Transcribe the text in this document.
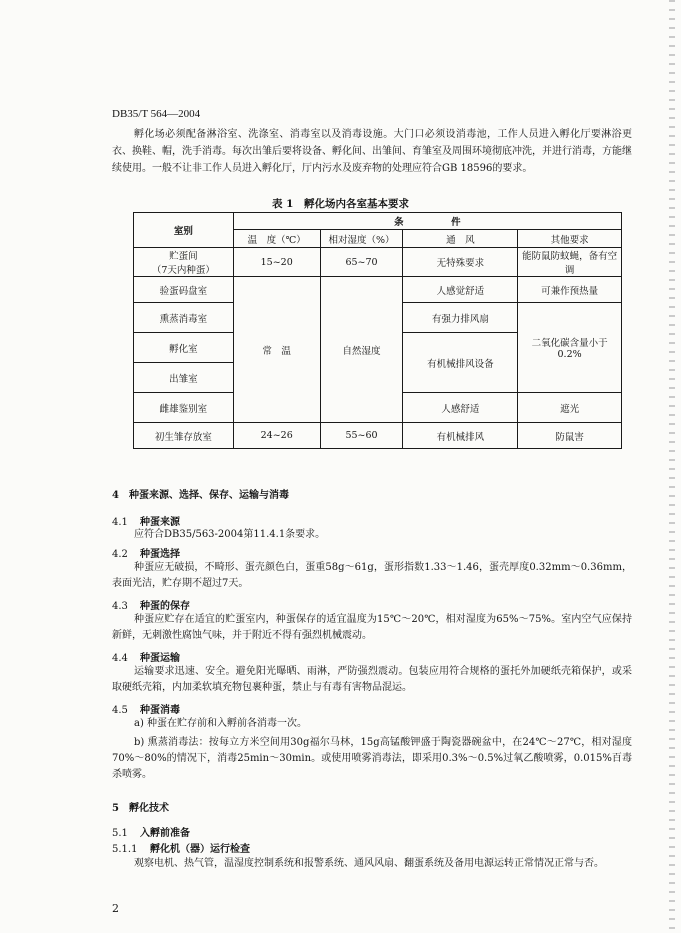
DB35/T 564—2004
孵化场必须配备淋浴室、洗涤室、消毒室以及消毒设施。大门口必须设消毒池，工作人员进入孵化厅要淋浴更衣、换鞋、帽，洗手消毒。每次出雏后要将设备、孵化间、出雏间、育雏室及周围环境彻底冲洗，并进行消毒，方能继续使用。一般不让非工作人员进入孵化厅，厅内污水及废弃物的处理应符合GB 18596的要求。
表 1　孵化场内各室基本要求
室别	条　　　　　件			
	温　度（℃）	相对湿度（%）	通　风	其他要求

贮蛋间
（7天内种蛋）	15~20	65~70	无特殊要求	能防鼠防蚊蝇，备有空调
验蛋码盘室	常　温	自然湿度	人感觉舒适	可兼作预热量
熏蒸消毒室			有强力排风扇	二氧化碳含量小于 0.2%
孵化室			有机械排风设备	
出雏室				
雌雄鉴别室			人感舒适	遮光
初生雏存放室	24~26	55~60	有机械排风	防鼠害
4　种蛋来源、选择、保存、运输与消毒
4.1 种蛋来源
应符合DB35/563-2004第11.4.1条要求。
4.2 种蛋选择
种蛋应无破损，不畸形、蛋壳颜色白，蛋重58g～61g，蛋形指数1.33～1.46，蛋壳厚度0.32mm～0.36mm，表面光洁，贮存期不超过7天。
4.3 种蛋的保存
种蛋应贮存在适宜的贮蛋室内，种蛋保存的适宜温度为15℃～20℃，相对湿度为65%～75%。室内空气应保持新鲜，无刺激性腐蚀气味，并于附近不得有强烈机械震动。
4.4 种蛋运输
运输要求迅速、安全。避免阳光曝晒、雨淋，严防强烈震动。包装应用符合规格的蛋托外加硬纸壳箱保护，或采取硬纸壳箱，内加柔软填充物包裹种蛋，禁止与有毒有害物品混运。
4.5 种蛋消毒
a) 种蛋在贮存前和入孵前各消毒一次。
b) 熏蒸消毒法：按每立方米空间用30g福尔马林，15g高锰酸钾盛于陶瓷器碗盆中，在24℃～27℃，相对湿度70%～80%的情况下，消毒25min～30min。或使用喷雾消毒法，即采用0.3%～0.5%过氧乙酸喷雾，0.015%百毒杀喷雾。
5　孵化技术
5.1 入孵前准备
5.1.1 孵化机（器）运行检查
观察电机、热气管，温湿度控制系统和报警系统、通风风扇、翻蛋系统及备用电源运转正常情况正常与否。
2
